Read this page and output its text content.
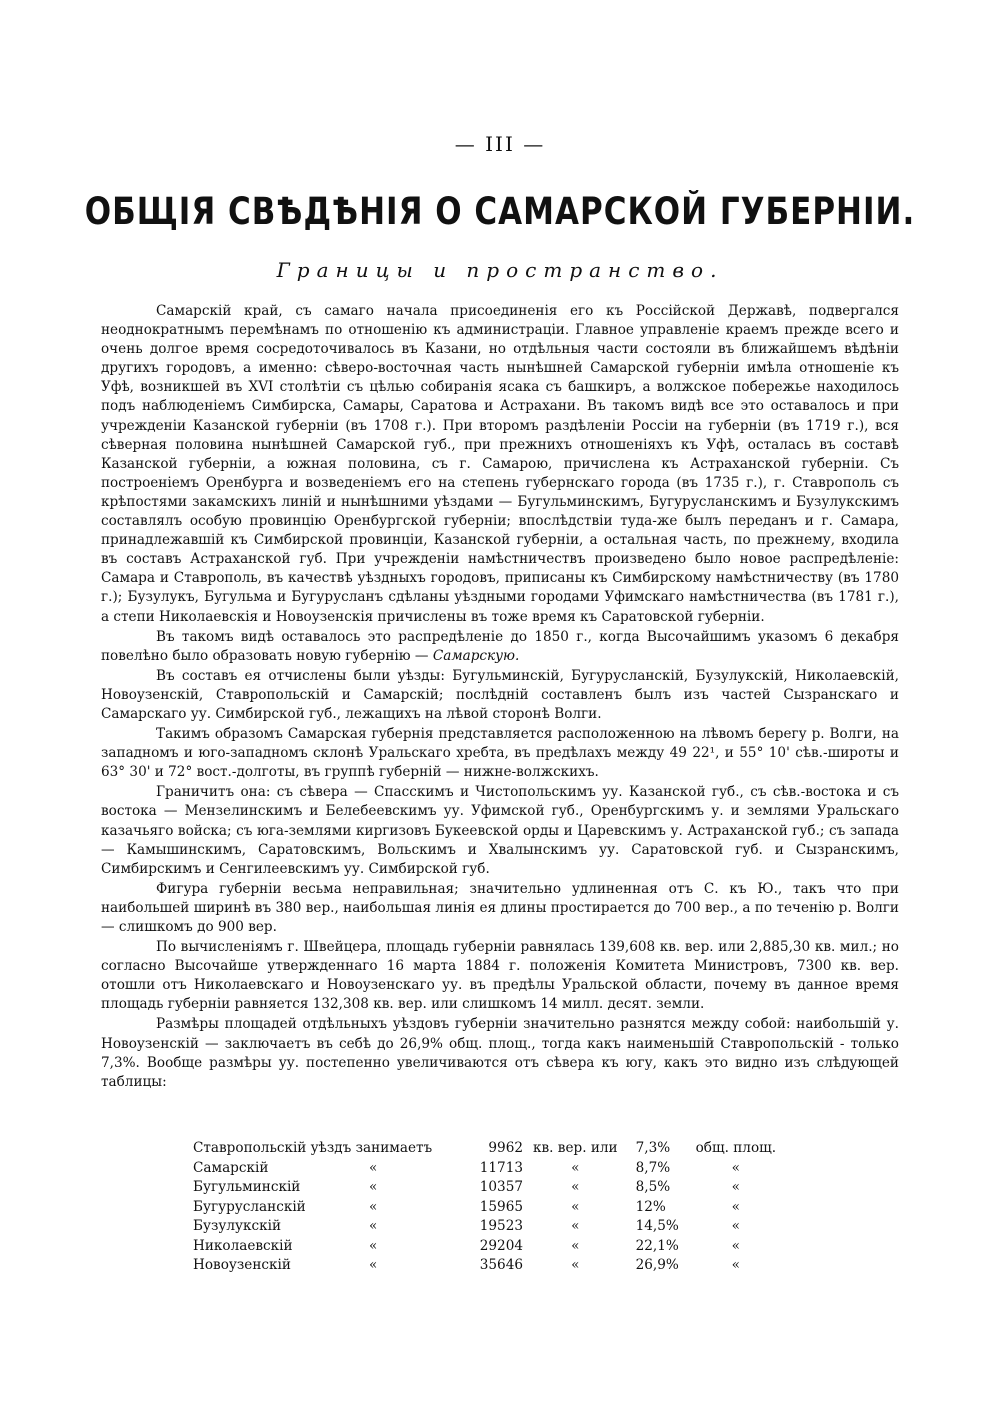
— III —
ОБЩІЯ СВѢДѢНІЯ О САМАРСКОЙ ГУБЕРНІИ.
Границы и пространство.

Самарскій край, съ самаго начала присоединенія его къ Россійской Державѣ, подвергался неоднократнымъ перемѣнамъ по отношенію къ администраціи. Главное управленіе краемъ прежде всего и очень долгое время сосредоточивалось въ Казани, но отдѣльныя части состояли въ ближайшемъ вѣдѣніи другихъ городовъ, а именно: сѣверо-восточная часть нынѣшней Самарской губерніи имѣла отношеніе къ Уфѣ, возникшей въ XVI столѣтіи съ цѣлью собиранія ясака съ башкиръ, а волжское побережье находилось подъ наблюденіемъ Симбирска, Самары, Саратова и Астрахани. Въ такомъ видѣ все это оставалось и при учрежденіи Казанской губерніи (въ 1708 г.). При второмъ раздѣленіи Россіи на губерніи (въ 1719 г.), вся сѣверная половина нынѣшней Самарской губ., при прежнихъ отношеніяхъ къ Уфѣ, осталась въ составѣ Казанской губерніи, а южная половина, съ г. Самарою, причислена къ Астраханской губерніи. Съ построеніемъ Оренбурга и возведеніемъ его на степень губернскаго города (въ 1735 г.), г. Ставрополь съ крѣпостями закамскихъ линій и нынѣшними уѣздами — Бугульминскимъ, Бугурусланскимъ и Бузулукскимъ составлялъ особую провинцію Оренбургской губерніи; впослѣдствіи туда-же былъ переданъ и г. Самара, принадлежавшій къ Симбирской провинціи, Казанской губерніи, а остальная часть, по прежнему, входила въ составъ Астраханской губ. При учрежденіи намѣстничествъ произведено было новое распредѣленіе: Самара и Ставрополь, въ качествѣ уѣздныхъ городовъ, приписаны къ Симбирскому намѣстничеству (въ 1780 г.); Бузулукъ, Бугульма и Бугурусланъ сдѣланы уѣздными городами Уфимскаго намѣстничества (въ 1781 г.), а степи Николаевскія и Новоузенскія причислены въ тоже время къ Саратовской губерніи.

Въ такомъ видѣ оставалось это распредѣленіе до 1850 г., когда Высочайшимъ указомъ 6 декабря повелѣно было образовать новую губернію — Самарскую.

Въ составъ ея отчислены были уѣзды: Бугульминскій, Бугурусланскій, Бузулукскій, Николаевскій, Новоузенскій, Ставропольскій и Самарскій; послѣдній составленъ былъ изъ частей Сызранскаго и Самарскаго уу. Симбирской губ., лежащихъ на лѣвой сторонѣ Волги.

Такимъ образомъ Самарская губернія представляется расположенною на лѣвомъ берегу р. Волги, на западномъ и юго-западномъ склонѣ Уральскаго хребта, въ предѣлахъ между 49 22¹, и 55° 10' сѣв.-широты и 63° 30' и 72° вост.-долготы, въ группѣ губерній — нижне-волжскихъ.

Граничитъ она: съ сѣвера — Спасскимъ и Чистопольскимъ уу. Казанской губ., съ сѣв.-востока и съ востока — Мензелинскимъ и Белебеевскимъ уу. Уфимской губ., Оренбургскимъ у. и землями Уральскаго казачьяго войска; съ юга-землями киргизовъ Букеевской орды и Царевскимъ у. Астраханской губ.; съ запада — Камышинскимъ, Саратовскимъ, Вольскимъ и Хвалынскимъ уу. Саратовской губ. и Сызранскимъ, Симбирскимъ и Сенгилеевскимъ уу. Симбирской губ.

Фигура губерніи весьма неправильная; значительно удлиненная отъ С. къ Ю., такъ что при наибольшей ширинѣ въ 380 вер., наибольшая линія ея длины простирается до 700 вер., а по теченію р. Волги — слишкомъ до 900 вер.

По вычисленіямъ г. Швейцера, площадь губерніи равнялась 139,608 кв. вер. или 2,885,30 кв. мил.; но согласно Высочайше утвержденнаго 16 марта 1884 г. положенія Комитета Министровъ, 7300 кв. вер. отошли отъ Николаевскаго и Новоузенскаго уу. въ предѣлы Уральской области, почему въ данное время площадь губерніи равняется 132,308 кв. вер. или слишкомъ 14 милл. десят. земли.

Размѣры площадей отдѣльныхъ уѣздовъ губерніи значительно разнятся между собой: наибольшій у. Новоузенскій — заключаетъ въ себѣ до 26,9% общ. площ., тогда какъ наименьшій Ставропольскій - только 7,3%. Вообще размѣры уу. постепенно увеличиваются отъ сѣвера къ югу, какъ это видно изъ слѣдующей таблицы:

Ставропольскій уѣздъ занимаетъ		9962	кв. вер. или	7,3%	общ. площ.
Самарскій	«	11713	«	8,7%	«
Бугульминскій	«	10357	«	8,5%	«
Бугурусланскій	«	15965	«	12%	«
Бузулукскій	«	19523	«	14,5%	«
Николаевскій	«	29204	«	22,1%	«
Новоузенскій	«	35646	«	26,9%	«
